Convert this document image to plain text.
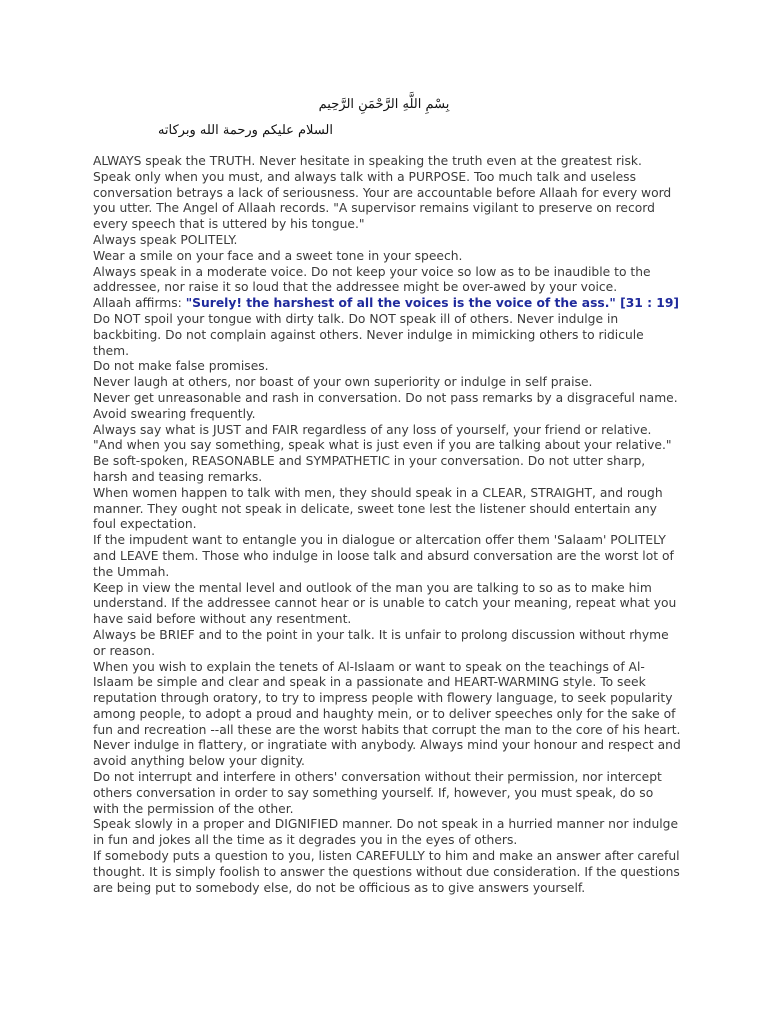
بِسْمِ اللَّهِ الرَّحْمَنِ الرَّحِيم
السلام عليكم ورحمة الله وبركاته

ALWAYS speak the TRUTH. Never hesitate in speaking the truth even at the greatest risk.

Speak only when you must, and always talk with a PURPOSE. Too much talk and useless conversation betrays a lack of seriousness. Your are accountable before Allaah for every word you utter. The Angel of Allaah records. "A supervisor remains vigilant to preserve on record every speech that is uttered by his tongue."

Always speak POLITELY.

Wear a smile on your face and a sweet tone in your speech.

Always speak in a moderate voice. Do not keep your voice so low as to be inaudible to the addressee, nor raise it so loud that the addressee might be over-awed by your voice.

Allaah affirms: "Surely! the harshest of all the voices is the voice of the ass." [31 : 19]

Do NOT spoil your tongue with dirty talk. Do NOT speak ill of others. Never indulge in backbiting. Do not complain against others. Never indulge in mimicking others to ridicule them.

Do not make false promises.

Never laugh at others, nor boast of your own superiority or indulge in self praise.

Never get unreasonable and rash in conversation. Do not pass remarks by a disgraceful name.

Avoid swearing frequently.

Always say what is JUST and FAIR regardless of any loss of yourself, your friend or relative. "And when you say something, speak what is just even if you are talking about your relative."

Be soft-spoken, REASONABLE and SYMPATHETIC in your conversation. Do not utter sharp, harsh and teasing remarks.

When women happen to talk with men, they should speak in a CLEAR, STRAIGHT, and rough manner. They ought not speak in delicate, sweet tone lest the listener should entertain any foul expectation.

If the impudent want to entangle you in dialogue or altercation offer them 'Salaam' POLITELY and LEAVE them. Those who indulge in loose talk and absurd conversation are the worst lot of the Ummah.

Keep in view the mental level and outlook of the man you are talking to so as to make him understand. If the addressee cannot hear or is unable to catch your meaning, repeat what you have said before without any resentment.

Always be BRIEF and to the point in your talk. It is unfair to prolong discussion without rhyme or reason.

When you wish to explain the tenets of Al-Islaam or want to speak on the teachings of Al-Islaam be simple and clear and speak in a passionate and HEART-WARMING style. To seek reputation through oratory, to try to impress people with flowery language, to seek popularity among people, to adopt a proud and haughty mein, or to deliver speeches only for the sake of fun and recreation --all these are the worst habits that corrupt the man to the core of his heart.

Never indulge in flattery, or ingratiate with anybody. Always mind your honour and respect and avoid anything below your dignity.

Do not interrupt and interfere in others' conversation without their permission, nor intercept others conversation in order to say something yourself. If, however, you must speak, do so with the permission of the other.

Speak slowly in a proper and DIGNIFIED manner. Do not speak in a hurried manner nor indulge in fun and jokes all the time as it degrades you in the eyes of others.

If somebody puts a question to you, listen CAREFULLY to him and make an answer after careful thought. It is simply foolish to answer the questions without due consideration. If the questions are being put to somebody else, do not be officious as to give answers yourself.
